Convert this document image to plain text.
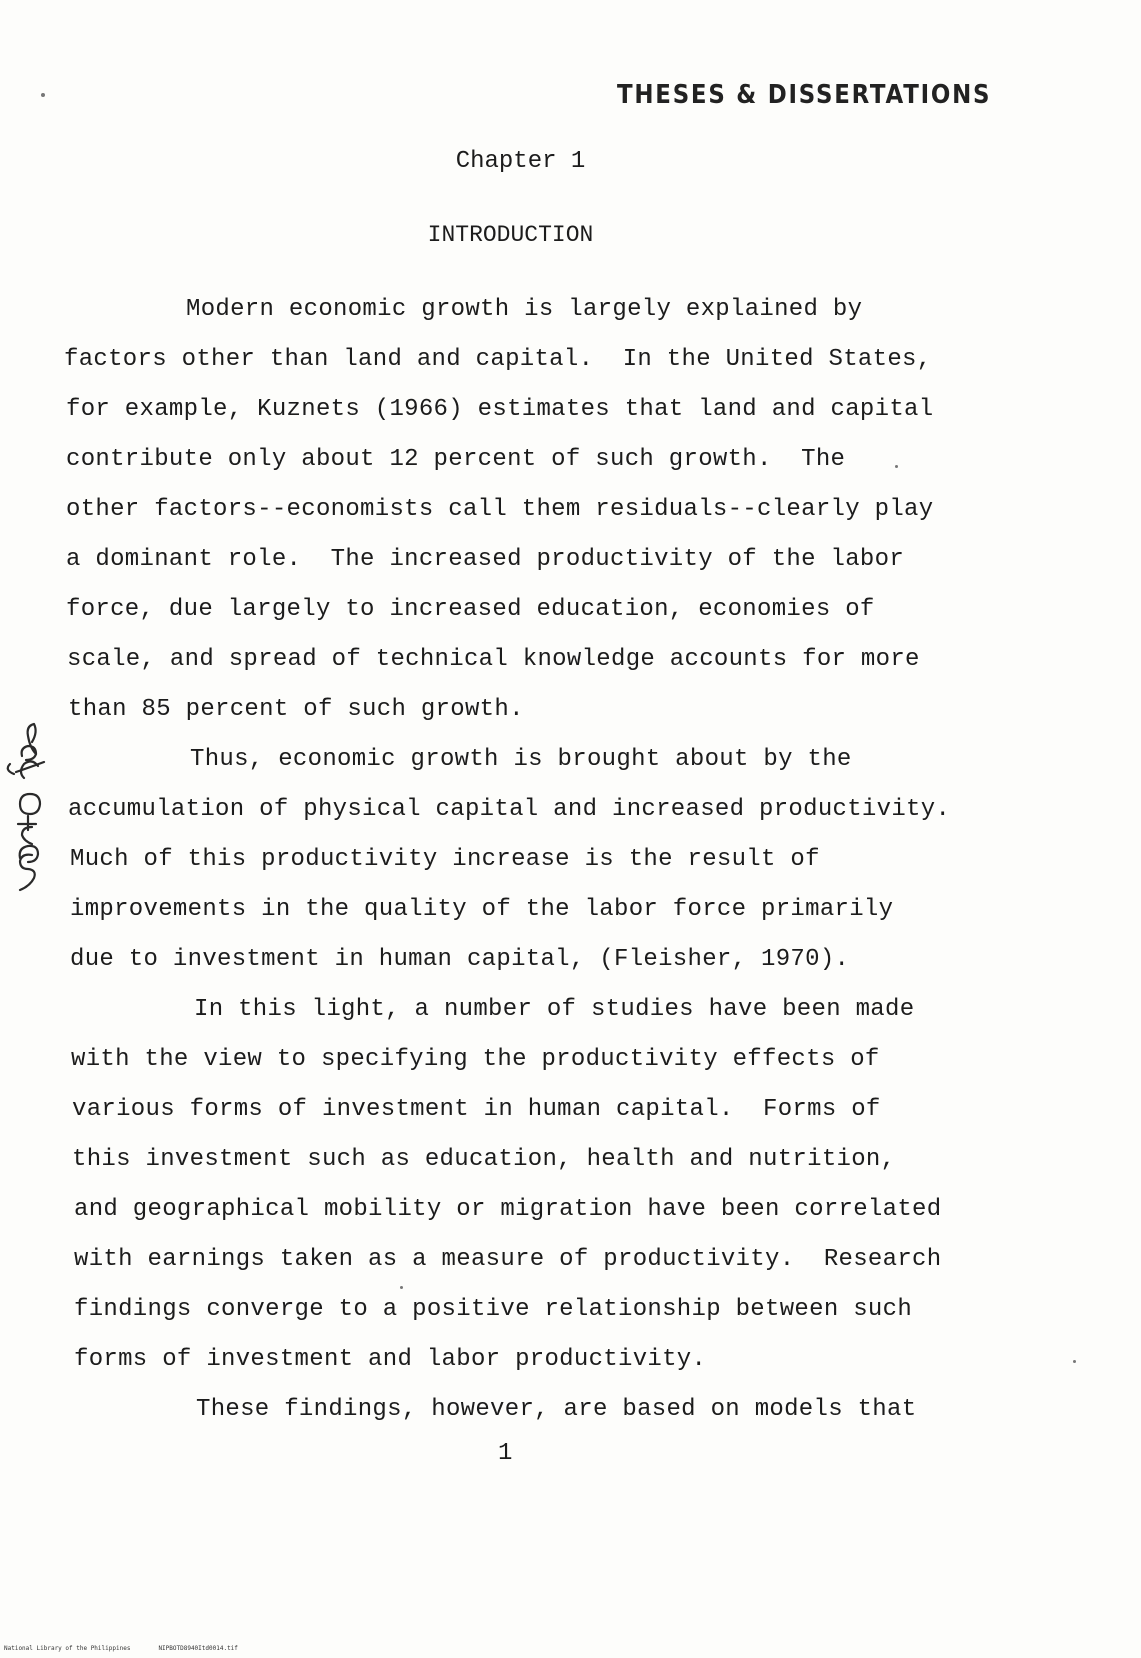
THESES & DISSERTATIONS
Chapter 1
INTRODUCTION
Modern economic growth is largely explained by
factors other than land and capital.  In the United States,
for example, Kuznets (1966) estimates that land and capital
contribute only about 12 percent of such growth.  The
other factors--economists call them residuals--clearly play
a dominant role.  The increased productivity of the labor
force, due largely to increased education, economies of
scale, and spread of technical knowledge accounts for more
than 85 percent of such growth.
Thus, economic growth is brought about by the
accumulation of physical capital and increased productivity.
Much of this productivity increase is the result of
improvements in the quality of the labor force primarily
due to investment in human capital, (Fleisher, 1970).
In this light, a number of studies have been made
with the view to specifying the productivity effects of
various forms of investment in human capital.  Forms of
this investment such as education, health and nutrition,
and geographical mobility or migration have been correlated
with earnings taken as a measure of productivity.  Research
findings converge to a positive relationship between such
forms of investment and labor productivity.
These findings, however, are based on models that
1
National Library of the Philippines	NIPBOTD8940Itd0014.tif
